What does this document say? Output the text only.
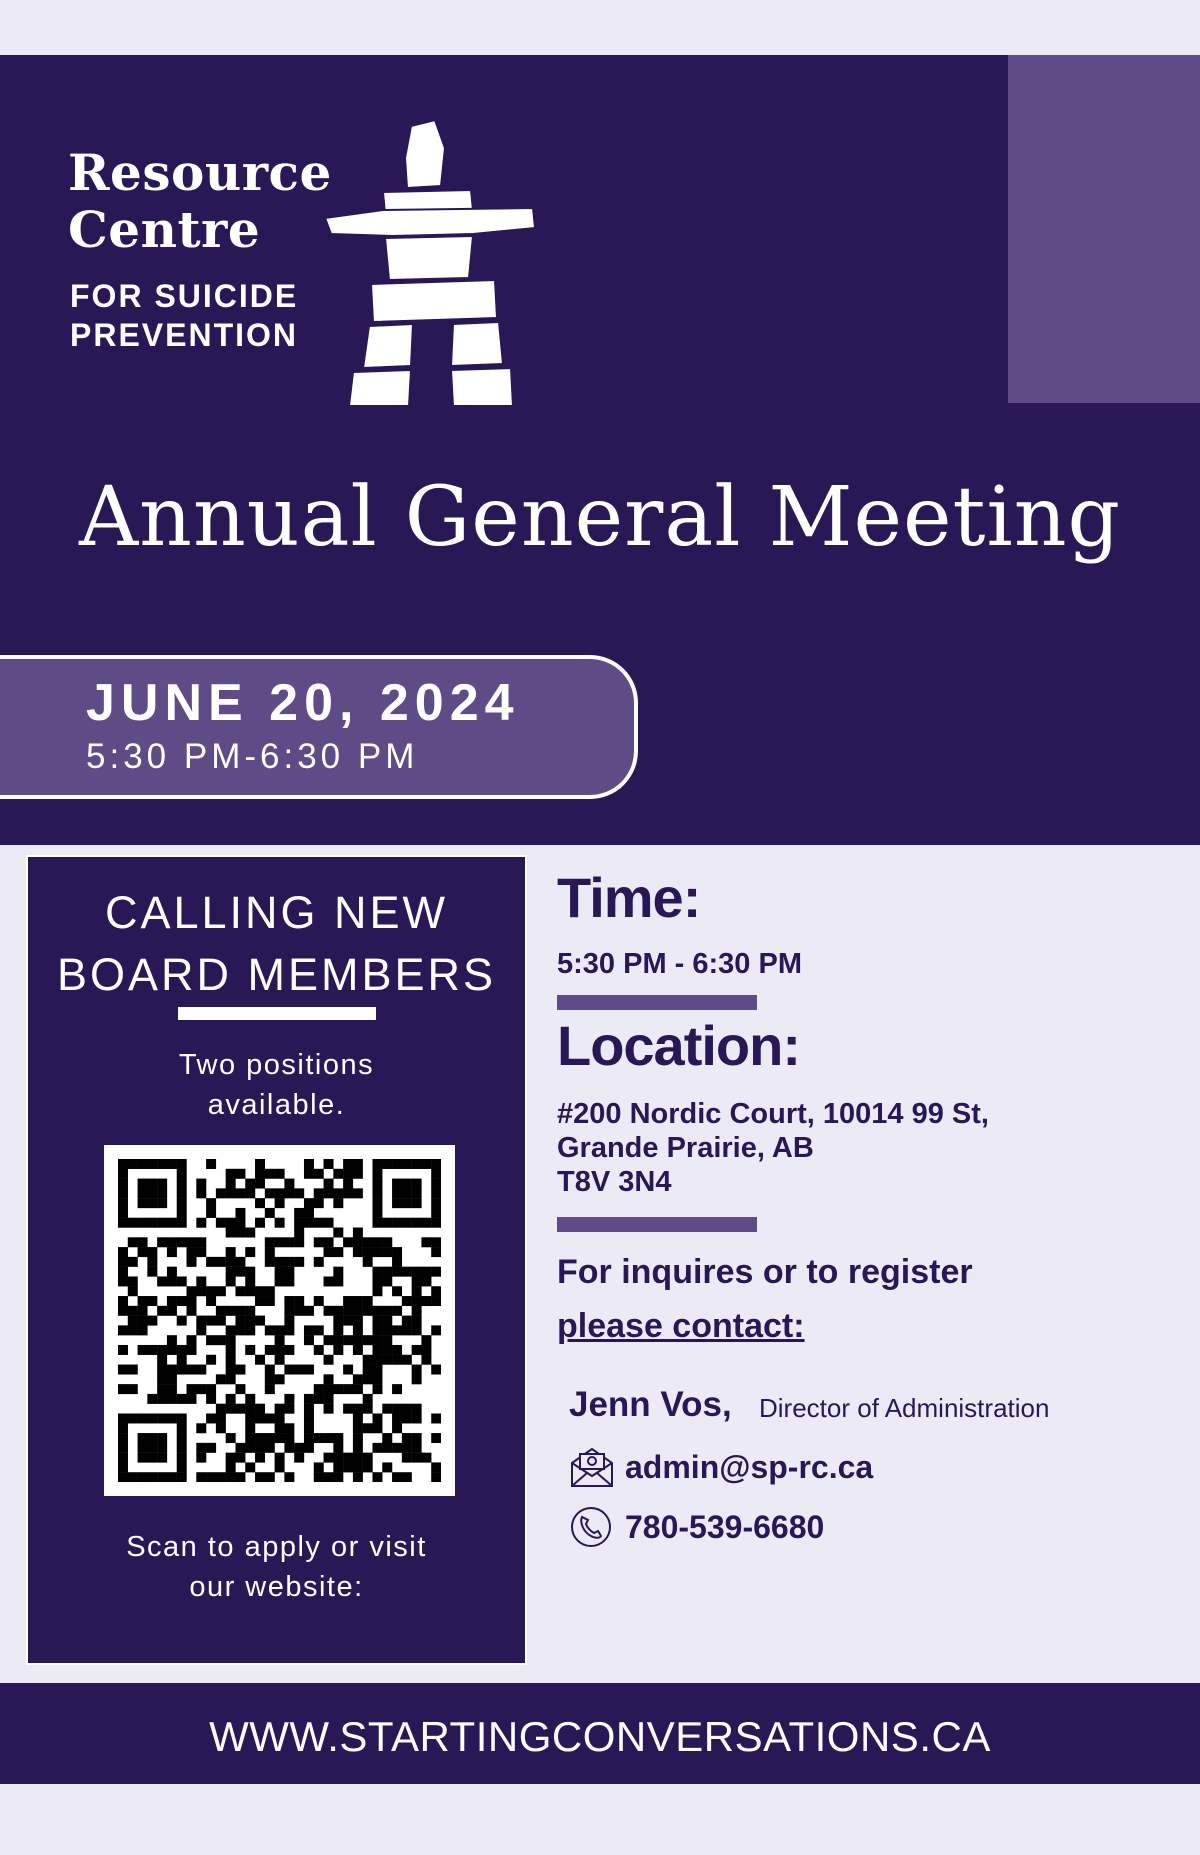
Resource
Centre
FOR SUICIDE
PREVENTION
Annual General Meeting
JUNE 20, 2024
5:30 PM-6:30 PM
CALLING NEW
BOARD MEMBERS
Two positions
available.
Scan to apply or visit
our website:
Time:
5:30 PM - 6:30 PM
Location:
#200 Nordic Court, 10014 99 St,
Grande Prairie, AB
T8V 3N4
For inquires or to register
please contact:
Jenn Vos, Director of Administration
admin@sp-rc.ca
780-539-6680
WWW.STARTINGCONVERSATIONS.CA
